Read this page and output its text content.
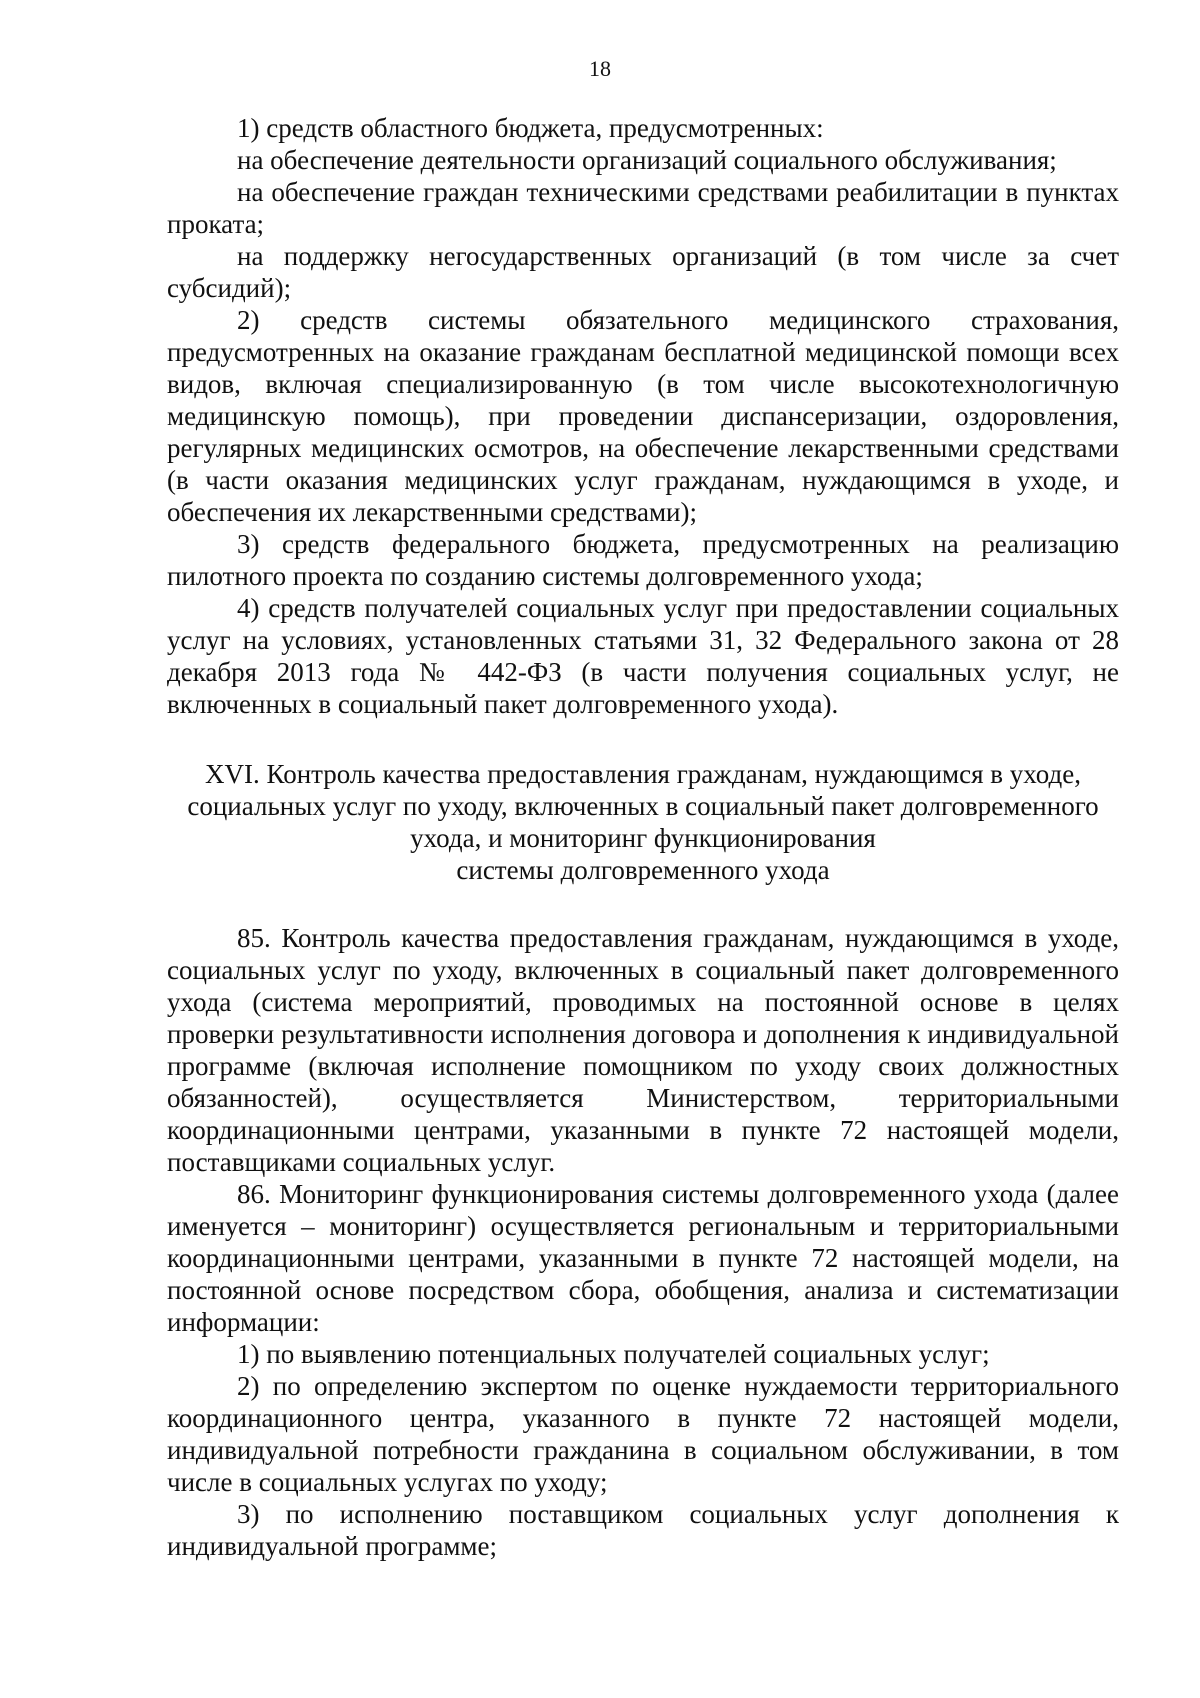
18

1) средств областного бюджета, предусмотренных:

на обеспечение деятельности организаций социального обслуживания;

на обеспечение граждан техническими средствами реабилитации в пунктах проката;

на поддержку негосударственных организаций (в том числе за счет субсидий);

2) средств системы обязательного медицинского страхования, предусмотренных на оказание гражданам бесплатной медицинской помощи всех видов, включая специализированную (в том числе высокотехнологичную медицинскую помощь), при проведении диспансеризации, оздоровления, регулярных медицинских осмотров, на обеспечение лекарственными средствами (в части оказания медицинских услуг гражданам, нуждающимся в уходе, и обеспечения их лекарственными средствами);

3) средств федерального бюджета, предусмотренных на реализацию пилотного проекта по созданию системы долговременного ухода;

4) средств получателей социальных услуг при предоставлении социальных услуг на условиях, установленных статьями 31, 32 Федерального закона от 28 декабря 2013 года № 442-ФЗ (в части получения социальных услуг, не включенных в социальный пакет долговременного ухода).

XVI. Контроль качества предоставления гражданам, нуждающимся в уходе,
социальных услуг по уходу, включенных в социальный пакет долговременного
ухода, и мониторинг функционирования
системы долговременного ухода

85. Контроль качества предоставления гражданам, нуждающимся в уходе, социальных услуг по уходу, включенных в социальный пакет долговременного ухода (система мероприятий, проводимых на постоянной основе в целях проверки результативности исполнения договора и дополнения к индивидуальной программе (включая исполнение помощником по уходу своих должностных обязанностей), осуществляется Министерством, территориальными координационными центрами, указанными в пункте 72 настоящей модели, поставщиками социальных услуг.

86. Мониторинг функционирования системы долговременного ухода (далее именуется – мониторинг) осуществляется региональным и территориальными координационными центрами, указанными в пункте 72 настоящей модели, на постоянной основе посредством сбора, обобщения, анализа и систематизации информации:

1) по выявлению потенциальных получателей социальных услуг;

2) по определению экспертом по оценке нуждаемости территориального координационного центра, указанного в пункте 72 настоящей модели, индивидуальной потребности гражданина в социальном обслуживании, в том числе в социальных услугах по уходу;

3) по исполнению поставщиком социальных услуг дополнения к индивидуальной программе;
